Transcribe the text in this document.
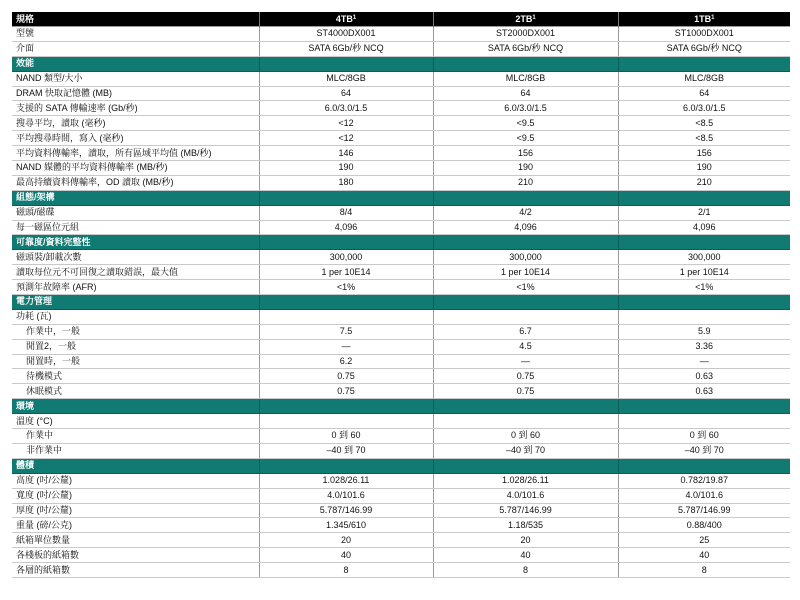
規格	$4TB^1$	$2TB^1$	$1TB^1$
型號	ST4000DX001	ST2000DX001	ST1000DX001
介面	SATA 6Gb/秒 NCQ	SATA 6Gb/秒 NCQ	SATA 6Gb/秒 NCQ
效能			
NAND 類型/大小	MLC/8GB	MLC/8GB	MLC/8GB
DRAM 快取記憶體 (MB)	64	64	64
支援的 SATA 傳輸速率 (Gb/秒)	6.0/3.0/1.5	6.0/3.0/1.5	6.0/3.0/1.5
搜尋平均，讀取 (毫秒)	<12	<9.5	<8.5
平均搜尋時間，寫入 (毫秒)	<12	<9.5	<8.5
平均資料傳輸率，讀取，所有區域平均值 (MB/秒)	146	156	156
NAND 媒體的平均資料傳輸率 (MB/秒)	190	190	190
最高持續資料傳輸率，OD 讀取 (MB/秒)	180	210	210
組態/架構			
磁頭/磁碟	8/4	4/2	2/1
每一磁區位元組	4,096	4,096	4,096
可靠度/資料完整性			
磁頭裝/卸載次數	300,000	300,000	300,000
讀取每位元不可回復之讀取錯誤，最大值	1 per 10E14	1 per 10E14	1 per 10E14
預測年故障率 (AFR)	<1%	<1%	<1%
電力管理			
功耗 (瓦)			
作業中，一般	7.5	6.7	5.9
閒置2，一般	—	4.5	3.36
閒置時，一般	6.2	—	—
待機模式	0.75	0.75	0.63
休眠模式	0.75	0.75	0.63
環境			
溫度 (°C)			
作業中	0 到 60	0 到 60	0 到 60
非作業中	–40 到 70	–40 到 70	–40 到 70
體積			
高度 (吋/公釐)	1.028/26.11	1.028/26.11	0.782/19.87
寬度 (吋/公釐)	4.0/101.6	4.0/101.6	4.0/101.6
厚度 (吋/公釐)	5.787/146.99	5.787/146.99	5.787/146.99
重量 (磅/公克)	1.345/610	1.18/535	0.88/400
紙箱單位數量	20	20	25
各棧板的紙箱數	40	40	40
各層的紙箱數	8	8	8
